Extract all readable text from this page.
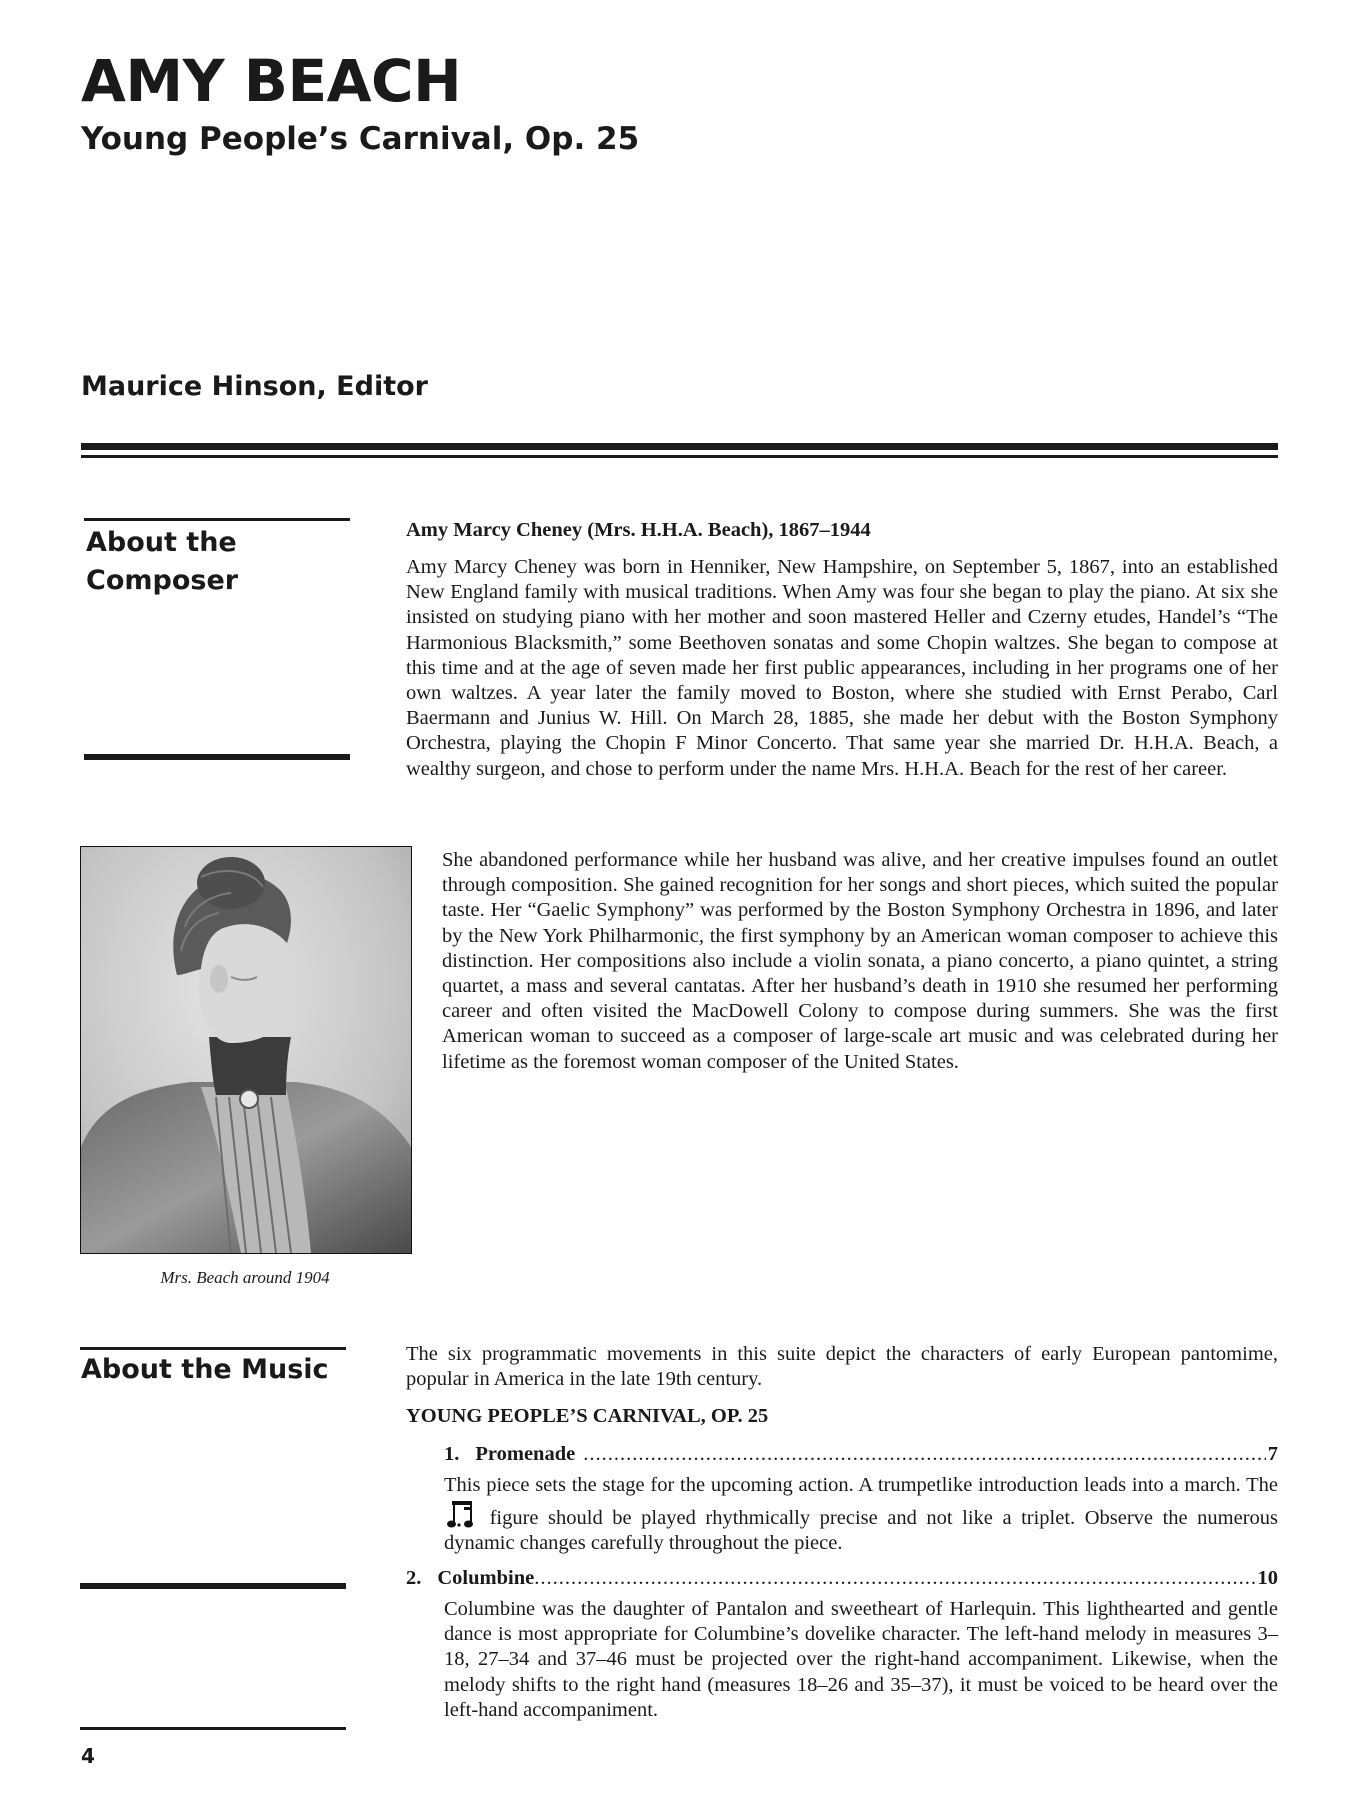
AMY BEACH
Young People’s Carnival, Op. 25
Maurice Hinson, Editor
About the
Composer
Amy Marcy Cheney (Mrs. H.H.A. Beach), 1867–1944

Amy Marcy Cheney was born in Henniker, New Hampshire, on September 5, 1867, into an established New England family with musical traditions. When Amy was four she began to play the piano. At six she insisted on studying piano with her mother and soon mastered Heller and Czerny etudes, Handel’s “The Harmonious Blacksmith,” some Beethoven sonatas and some Chopin waltzes. She began to compose at this time and at the age of seven made her first public appearances, including in her programs one of her own waltzes. A year later the family moved to Boston, where she studied with Ernst Perabo, Carl Baermann and Junius W. Hill. On March 28, 1885, she made her debut with the Boston Symphony Orchestra, playing the Chopin F Minor Concerto. That same year she married Dr. H.H.A. Beach, a wealthy surgeon, and chose to perform under the name Mrs. H.H.A. Beach for the rest of her career.

She abandoned performance while her husband was alive, and her creative impulses found an outlet through composition. She gained recognition for her songs and short pieces, which suited the popular taste. Her “Gaelic Symphony” was performed by the Boston Symphony Orchestra in 1896, and later by the New York Philharmonic, the first symphony by an American woman composer to achieve this distinction. Her compositions also include a violin sonata, a piano concerto, a piano quintet, a string quartet, a mass and several cantatas. After her husband’s death in 1910 she resumed her performing career and often visited the MacDowell Colony to compose during summers. She was the first American woman to succeed as a composer of large-scale art music and was celebrated during her lifetime as the foremost woman composer of the United States.

Mrs. Beach around 1904
About the Music	The six programmatic movements in this suite depict the characters of early European pantomime, popular in America in the late 19th century.

YOUNG PEOPLE’S CARNIVAL, OP. 25
1. Promenade .....	7

This piece sets the stage for the upcoming action. A trumpetlike introduction leads into a march. The  figure should be played rhythmically precise and not like a triplet. Observe the numerous dynamic changes carefully throughout the piece.

2. Columbine .....	10

Columbine was the daughter of Pantalon and sweetheart of Harlequin. This lighthearted and gentle dance is most appropriate for Columbine’s dovelike character. The left-hand melody in measures 3–18, 27–34 and 37–46 must be projected over the right-hand accompaniment. Likewise, when the melody shifts to the right hand (measures 18–26 and 35–37), it must be voiced to be heard over the left-hand accompaniment.

4
